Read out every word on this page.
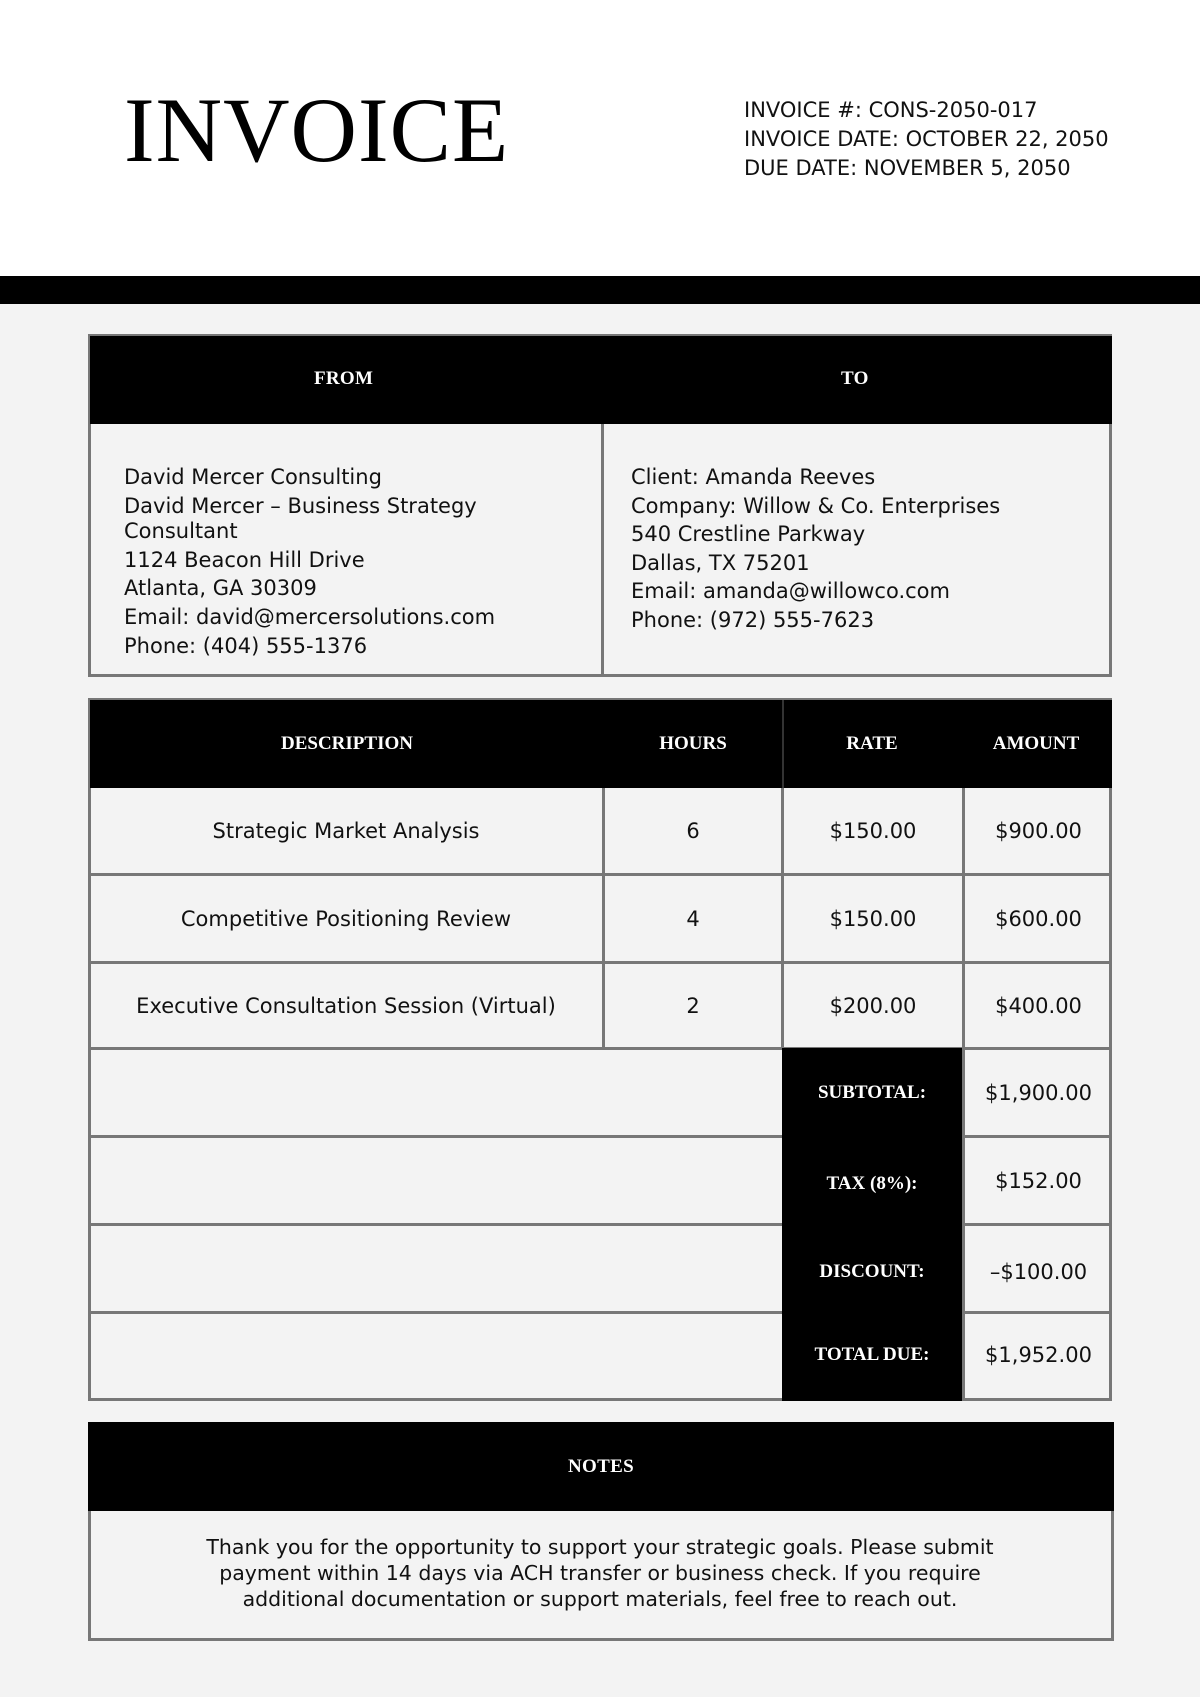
INVOICE	INVOICE #: CONS-2050-017
INVOICE DATE: OCTOBER 22, 2050
DUE DATE: NOVEMBER 5, 2050
FROM	TO
David Mercer Consulting
David Mercer – Business Strategy
Consultant
1124 Beacon Hill Drive
Atlanta, GA 30309
Email: david@mercersolutions.com
Phone: (404) 555-1376
Client: Amanda Reeves
Company: Willow & Co. Enterprises
540 Crestline Parkway
Dallas, TX 75201
Email: amanda@willowco.com
Phone: (972) 555-7623
DESCRIPTION	HOURS	RATE	AMOUNT
Strategic Market Analysis	6	$150.00	$900.00
Competitive Positioning Review	4	$150.00	$600.00
Executive Consultation Session (Virtual)	2	$200.00	$400.00
SUBTOTAL:	$1,900.00
TAX (8%):	$152.00
DISCOUNT:	–$100.00
TOTAL DUE:	$1,952.00
NOTES
Thank you for the opportunity to support your strategic goals. Please submit
payment within 14 days via ACH transfer or business check. If you require
additional documentation or support materials, feel free to reach out.
